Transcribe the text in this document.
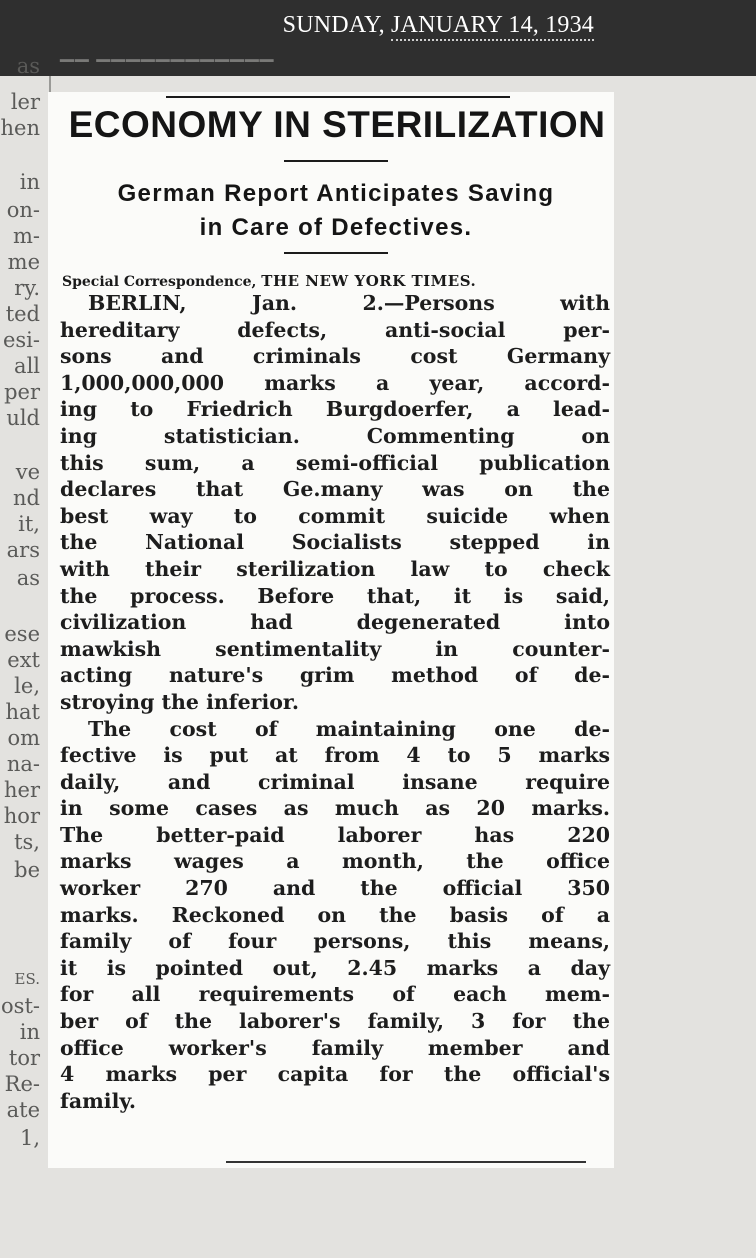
SUNDAY, JANUARY 14, 1934
▔▔ ▔▔▔▔▔▔▔▔▔▔▔▔
as
ler
hen
in
on-
m-
me
ry.
ted
esi-
all
per
uld
ve
nd
it,
ars
as
ese
ext
le,
hat
om
na-
her
hor
ts,
be
ES.
ost-
in
tor
Re-
ate
1,
ECONOMY IN STERILIZATION
German Report Anticipates Saving
in Care of Defectives.
Special Correspondence, THE NEW YORK TIMES.
BERLIN, Jan. 2.—Persons with
hereditary defects, anti-social per-
sons and criminals cost Germany
1,000,000,000 marks a year, accord-
ing to Friedrich Burgdoerfer, a lead-
ing statistician. Commenting on
this sum, a semi-official publication
declares that Ge.many was on the
best way to commit suicide when
the National Socialists stepped in
with their sterilization law to check
the process. Before that, it is said,
civilization had degenerated into
mawkish sentimentality in counter-
acting nature's grim method of de-
stroying the inferior.
The cost of maintaining one de-
fective is put at from 4 to 5 marks
daily, and criminal insane require
in some cases as much as 20 marks.
The better-paid laborer has 220
marks wages a month, the office
worker 270 and the official 350
marks. Reckoned on the basis of a
family of four persons, this means,
it is pointed out, 2.45 marks a day
for all requirements of each mem-
ber of the laborer's family, 3 for the
office worker's family member and
4 marks per capita for the official's
family.
